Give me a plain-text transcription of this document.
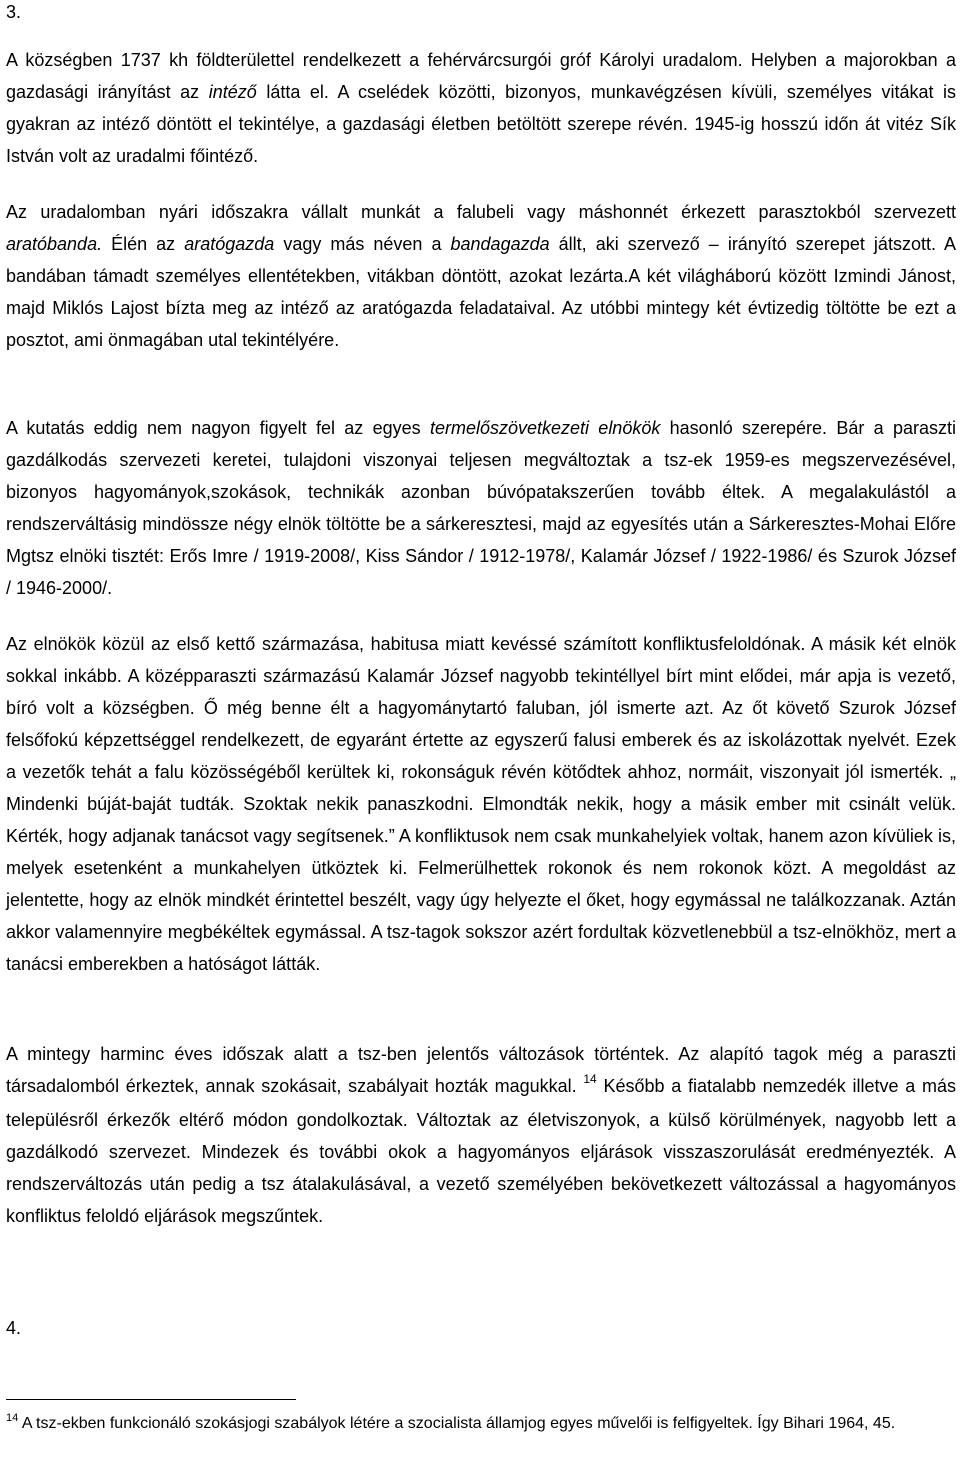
3.

A községben 1737 kh földterülettel rendelkezett a fehérvárcsurgói gróf Károlyi uradalom. Helyben a majorokban a gazdasági irányítást az intéző látta el. A cselédek közötti, bizonyos, munkavégzésen kívüli, személyes vitákat is gyakran az intéző döntött el tekintélye, a gazdasági életben betöltött szerepe révén. 1945-ig hosszú időn át vitéz Sík István volt az uradalmi főintéző.

Az uradalomban nyári időszakra vállalt munkát a falubeli vagy máshonnét érkezett parasztokból szervezett aratóbanda. Élén az aratógazda vagy más néven a bandagazda állt, aki szervező – irányító szerepet játszott. A bandában támadt személyes ellentétekben, vitákban döntött, azokat lezárta.A két világháború között Izmindi Jánost, majd Miklós Lajost bízta meg az intéző az aratógazda feladataival. Az utóbbi mintegy két évtizedig töltötte be ezt a posztot, ami önmagában utal tekintélyére.

A kutatás eddig nem nagyon figyelt fel az egyes termelőszövetkezeti elnökök hasonló szerepére. Bár a paraszti gazdálkodás szervezeti keretei, tulajdoni viszonyai teljesen megváltoztak a tsz-ek 1959-es megszervezésével, bizonyos hagyományok,szokások, technikák azonban búvópatakszerűen tovább éltek. A megalakulástól a rendszerváltásig mindössze négy elnök töltötte be a sárkeresztesi, majd az egyesítés után a Sárkeresztes-Mohai Előre Mgtsz elnöki tisztét: Erős Imre / 1919-2008/, Kiss Sándor / 1912-1978/, Kalamár József / 1922-1986/ és Szurok József / 1946-2000/.

Az elnökök közül az első kettő származása, habitusa miatt kevéssé számított konfliktusfeloldónak. A másik két elnök sokkal inkább. A középparaszti származású Kalamár József nagyobb tekintéllyel bírt mint elődei, már apja is vezető, bíró volt a községben. Ő még benne élt a hagyománytartó faluban, jól ismerte azt. Az őt követő Szurok József felsőfokú képzettséggel rendelkezett, de egyaránt értette az egyszerű falusi emberek és az iskolázottak nyelvét. Ezek a vezetők tehát a falu közösségéből kerültek ki, rokonságuk révén kötődtek ahhoz, normáit, viszonyait jól ismerték. „ Mindenki búját-baját tudták. Szoktak nekik panaszkodni. Elmondták nekik, hogy a másik ember mit csinált velük. Kérték, hogy adjanak tanácsot vagy segítsenek.” A konfliktusok nem csak munkahelyiek voltak, hanem azon kívüliek is, melyek esetenként a munkahelyen ütköztek ki. Felmerülhettek rokonok és nem rokonok közt. A megoldást az jelentette, hogy az elnök mindkét érintettel beszélt, vagy úgy helyezte el őket, hogy egymással ne találkozzanak. Aztán akkor valamennyire megbékéltek egymással. A tsz-tagok sokszor azért fordultak közvetlenebbül a tsz-elnökhöz, mert a tanácsi emberekben a hatóságot látták.

A mintegy harminc éves időszak alatt a tsz-ben jelentős változások történtek. Az alapító tagok még a paraszti társadalomból érkeztek, annak szokásait, szabályait hozták magukkal. $^{14}$ Később a fiatalabb nemzedék illetve a más településről érkezők eltérő módon gondolkoztak. Változtak az életviszonyok, a külső körülmények, nagyobb lett a gazdálkodó szervezet. Mindezek és további okok a hagyományos eljárások visszaszorulását eredményezték. A rendszerváltozás után pedig a tsz átalakulásával, a vezető személyében bekövetkezett változással a hagyományos konfliktus feloldó eljárások megszűntek.

4.

$^{14}$ A tsz-ekben funkcionáló szokásjogi szabályok létére a szocialista államjog egyes művelői is felfigyeltek. Így Bihari 1964, 45.
